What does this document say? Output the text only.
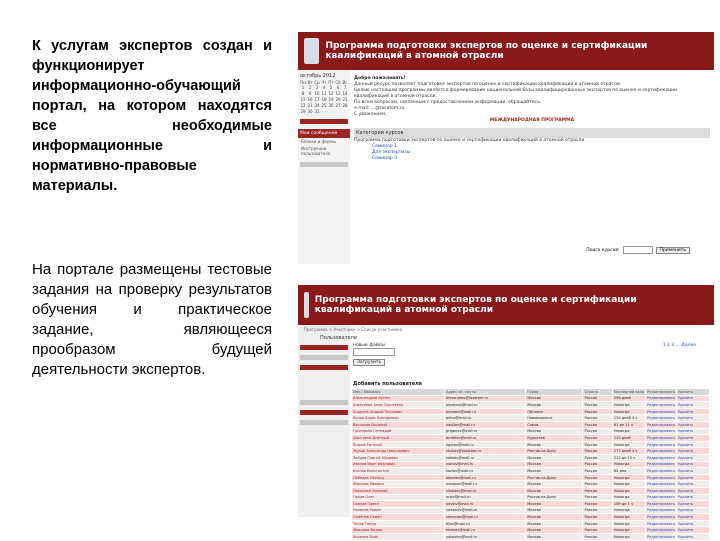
К услугам экспертов создан и функционирует информационно-обучающий портал, на котором находятся все необходимые информационные и нормативно-правовые материалы.
На портале размещены тестовые задания на проверку результатов обучения и практическое задание, являющееся прообразом будущей деятельности экспертов.
Программа подготовки экспертов по оценке и сертификации квалификаций в атомной отрасли
октябрь 2012
Пн Вт Ср Чт Пт Сб Вс
1	2	3	4	5	6	7
8	9 10 11 12 13 14
15 16 17 18 19 20 21
22 23 24 25 26 27 28
29 30 31
Мои сообщения
Бланки и формы
Инструкции пользователя
Добро пожаловать!
Данный ресурс позволяет подготовке экспертов по оценке и сертификации квалификаций в атомной отрасли.
Целью настоящей программы является формирование национальной базы квалифицированных экспертов по оценке и сертификации квалификаций в атомной отрасли.
По всем вопросам, связанным с предоставлением информации, обращайтесь.
e-mail: ...@rosatom.ru
С уважением,
МЕЖДУНАРОДНАЯ ПРОГРАММА
Категории курсов
Программа подготовки экспертов по оценке и сертификации квалификаций в атомной отрасли
Семинар 1
Для экспертизы
Семинар 3
Поиск курсов:	Применить
Программа подготовки экспертов по оценке и сертификации квалификаций в атомной отрасли
Программа > Участники > Список участников
Пользователи
новые файлы

Загрузить
1 2 3 ... Далее
Добавить пользователя
Имя / Фамилия	Адрес эл. почты	Город	Страна	Последний вход	Редактировать	Удалить
Александров Артём	alexandrov@rosatom.ru	Москва	Россия	256 дней	Редактировать	Удалить
Алексеева Анна Сергеевна	alexeeva@mail.ru	Москва	Россия	Никогда	Редактировать	Удалить
Андреев Андрей Петрович	andreev@mail.ru	Обнинск	Россия	Никогда	Редактировать	Удалить
Белов Борис Викторович	belov@mail.ru	Нововоронеж	Россия	125 дней 4 ч	Редактировать	Удалить
Васильев Василий	vasiliev@mail.ru	Саров	Россия	61 дн 11 ч	Редактировать	Удалить
Григорьев Геннадий	grigoriev@mail.ru	Москва	Россия	Никогда	Редактировать	Удалить
Дмитриев Дмитрий	dmitriev@mail.ru	Курчатов	Россия	120 дней	Редактировать	Удалить
Егоров Евгений	egorov@mail.ru	Москва	Россия	Никогда	Редактировать	Удалить
Жуков Александр Николаевич	zhukov@rosatom.ru	Ростов-на-Дону	Россия	277 дней 4 ч	Редактировать	Удалить
Зайцев Сергей Юрьевич	zaitsev@mail.ru	Москва	Россия	212 дн 15 ч	Редактировать	Удалить
Иванов Иван Иванович	ivanov@mail.ru	Москва	Россия	Никогда	Редактировать	Удалить
Козлов Константин	kozlov@mail.ru	Москва	Россия	64 дня	Редактировать	Удалить
Лебедев Леонид	lebedev@mail.ru	Ростов-на-Дону	Россия	Никогда	Редактировать	Удалить
Морозов Михаил	morozov@mail.ru	Москва	Россия	Никогда	Редактировать	Удалить
Николаев Николай	nikolaev@mail.ru	Москва	Россия	Никогда	Редактировать	Удалить
Орлов Олег	orlov@mail.ru	Ростов-на-Дону	Россия	Никогда	Редактировать	Удалить
Павлов Павел	pavlov@mail.ru	Москва	Россия	109 дн 1 ч	Редактировать	Удалить
Романов Роман	romanov@mail.ru	Москва	Россия	Никогда	Редактировать	Удалить
Семёнов Семён	semenov@mail.ru	Москва	Россия	Никогда	Редактировать	Удалить
Титов Тимур	titov@mail.ru	Москва	Россия	Никогда	Редактировать	Удалить
Фёдоров Фёдор	fedorov@mail.ru	Москва	Россия	Никогда	Редактировать	Удалить
Яковлев Яков	yakovlev@mail.ru	Москва	Россия	Никогда	Редактировать	Удалить
